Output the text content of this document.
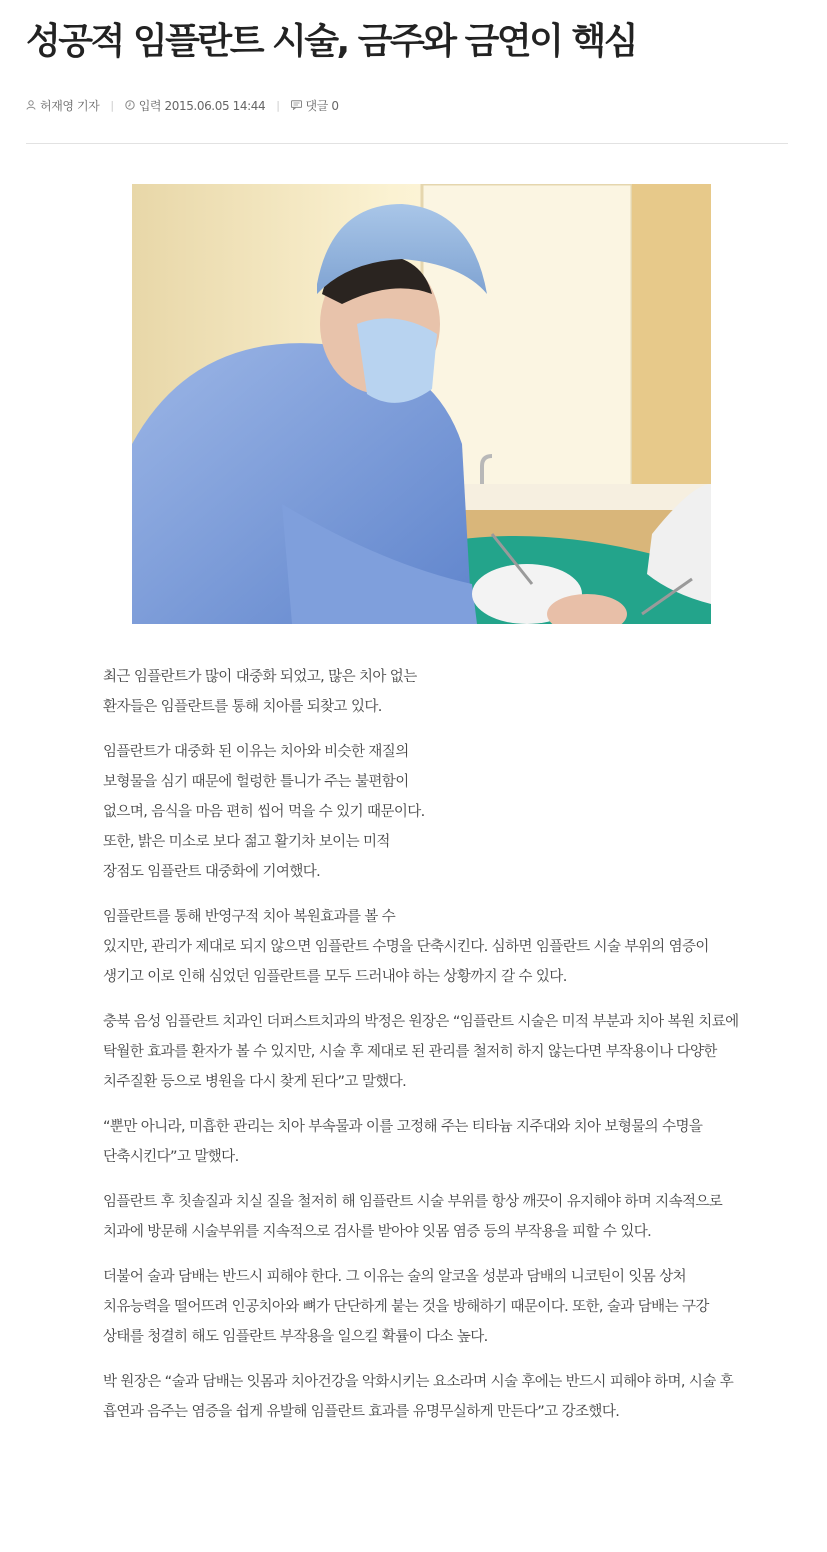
성공적 임플란트 시술, 금주와 금연이 핵심
허재영 기자 | 입력 2015.06.05 14:44 | 댓글 0

최근 임플란트가 많이 대중화 되었고, 많은 치아 없는 환자들은 임플란트를 통해 치아를 되찾고 있다.

임플란트가 대중화 된 이유는 치아와 비슷한 재질의 보형물을 심기 때문에 헐렁한 틀니가 주는 불편함이 없으며, 음식을 마음 편히 씹어 먹을 수 있기 때문이다. 또한, 밝은 미소로 보다 젊고 활기차 보이는 미적 장점도 임플란트 대중화에 기여했다.

임플란트를 통해 반영구적 치아 복원효과를 볼 수

있지만, 관리가 제대로 되지 않으면 임플란트 수명을 단축시킨다. 심하면 임플란트 시술 부위의 염증이 생기고 이로 인해 심었던 임플란트를 모두 드러내야 하는 상황까지 갈 수 있다.

충북 음성 임플란트 치과인 더퍼스트치과의 박정은 원장은 “임플란트 시술은 미적 부분과 치아 복원 치료에 탁월한 효과를 환자가 볼 수 있지만, 시술 후 제대로 된 관리를 철저히 하지 않는다면 부작용이나 다양한 치주질환 등으로 병원을 다시 찾게 된다”고 말했다.

“뿐만 아니라, 미흡한 관리는 치아 부속물과 이를 고정해 주는 티타늄 지주대와 치아 보형물의 수명을 단축시킨다”고 말했다.

임플란트 후 칫솔질과 치실 질을 철저히 해 임플란트 시술 부위를 항상 깨끗이 유지해야 하며 지속적으로 치과에 방문해 시술부위를 지속적으로 검사를 받아야 잇몸 염증 등의 부작용을 피할 수 있다.

더불어 술과 담배는 반드시 피해야 한다. 그 이유는 술의 알코올 성분과 담배의 니코틴이 잇몸 상처 치유능력을 떨어뜨려 인공치아와 뼈가 단단하게 붙는 것을 방해하기 때문이다. 또한, 술과 담배는 구강 상태를 청결히 해도 임플란트 부작용을 일으킬 확률이 다소 높다.

박 원장은 “술과 담배는 잇몸과 치아건강을 악화시키는 요소라며 시술 후에는 반드시 피해야 하며, 시술 후 흡연과 음주는 염증을 쉽게 유발해 임플란트 효과를 유명무실하게 만든다”고 강조했다.
